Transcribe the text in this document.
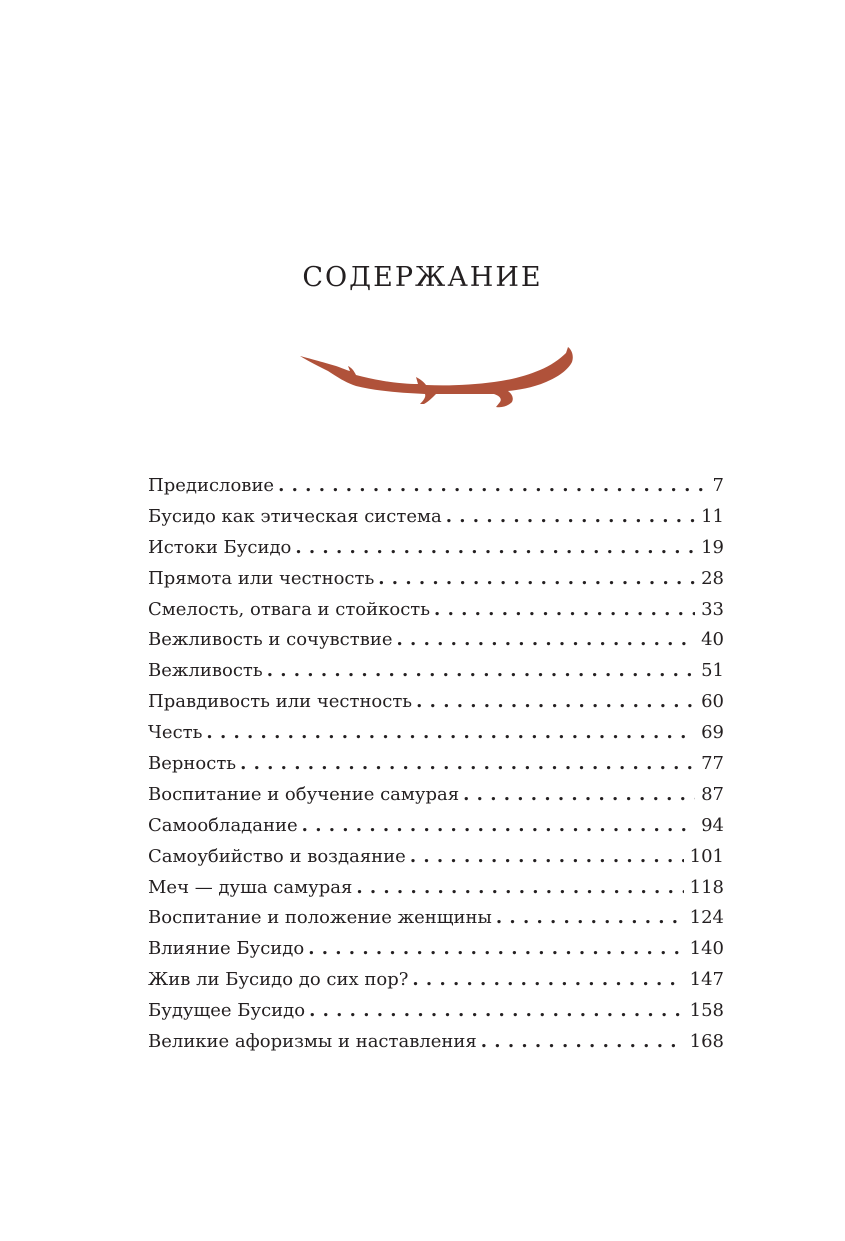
СОДЕРЖАНИЕ
Предисловие . . .	7
Бусидо как этическая система . . .	11
Истоки Бусидо . . .	19
Прямота или честность . . .	28
Смелость, отвага и стойкость . . .	33
Вежливость и сочувствие . . .	40
Вежливость . . .	51
Правдивость или честность . . .	60
Честь . . .	69
Верность . . .	77
Воспитание и обучение самурая . . .	87
Самообладание . . .	94
Самоубийство и воздаяние . . .	101
Меч — душа самурая . . .	118
Воспитание и положение женщины . . .	124
Влияние Бусидо . . .	140
Жив ли Бусидо до сих пор? . . .	147
Будущее Бусидо . . .	158
Великие афоризмы и наставления . . .	168
